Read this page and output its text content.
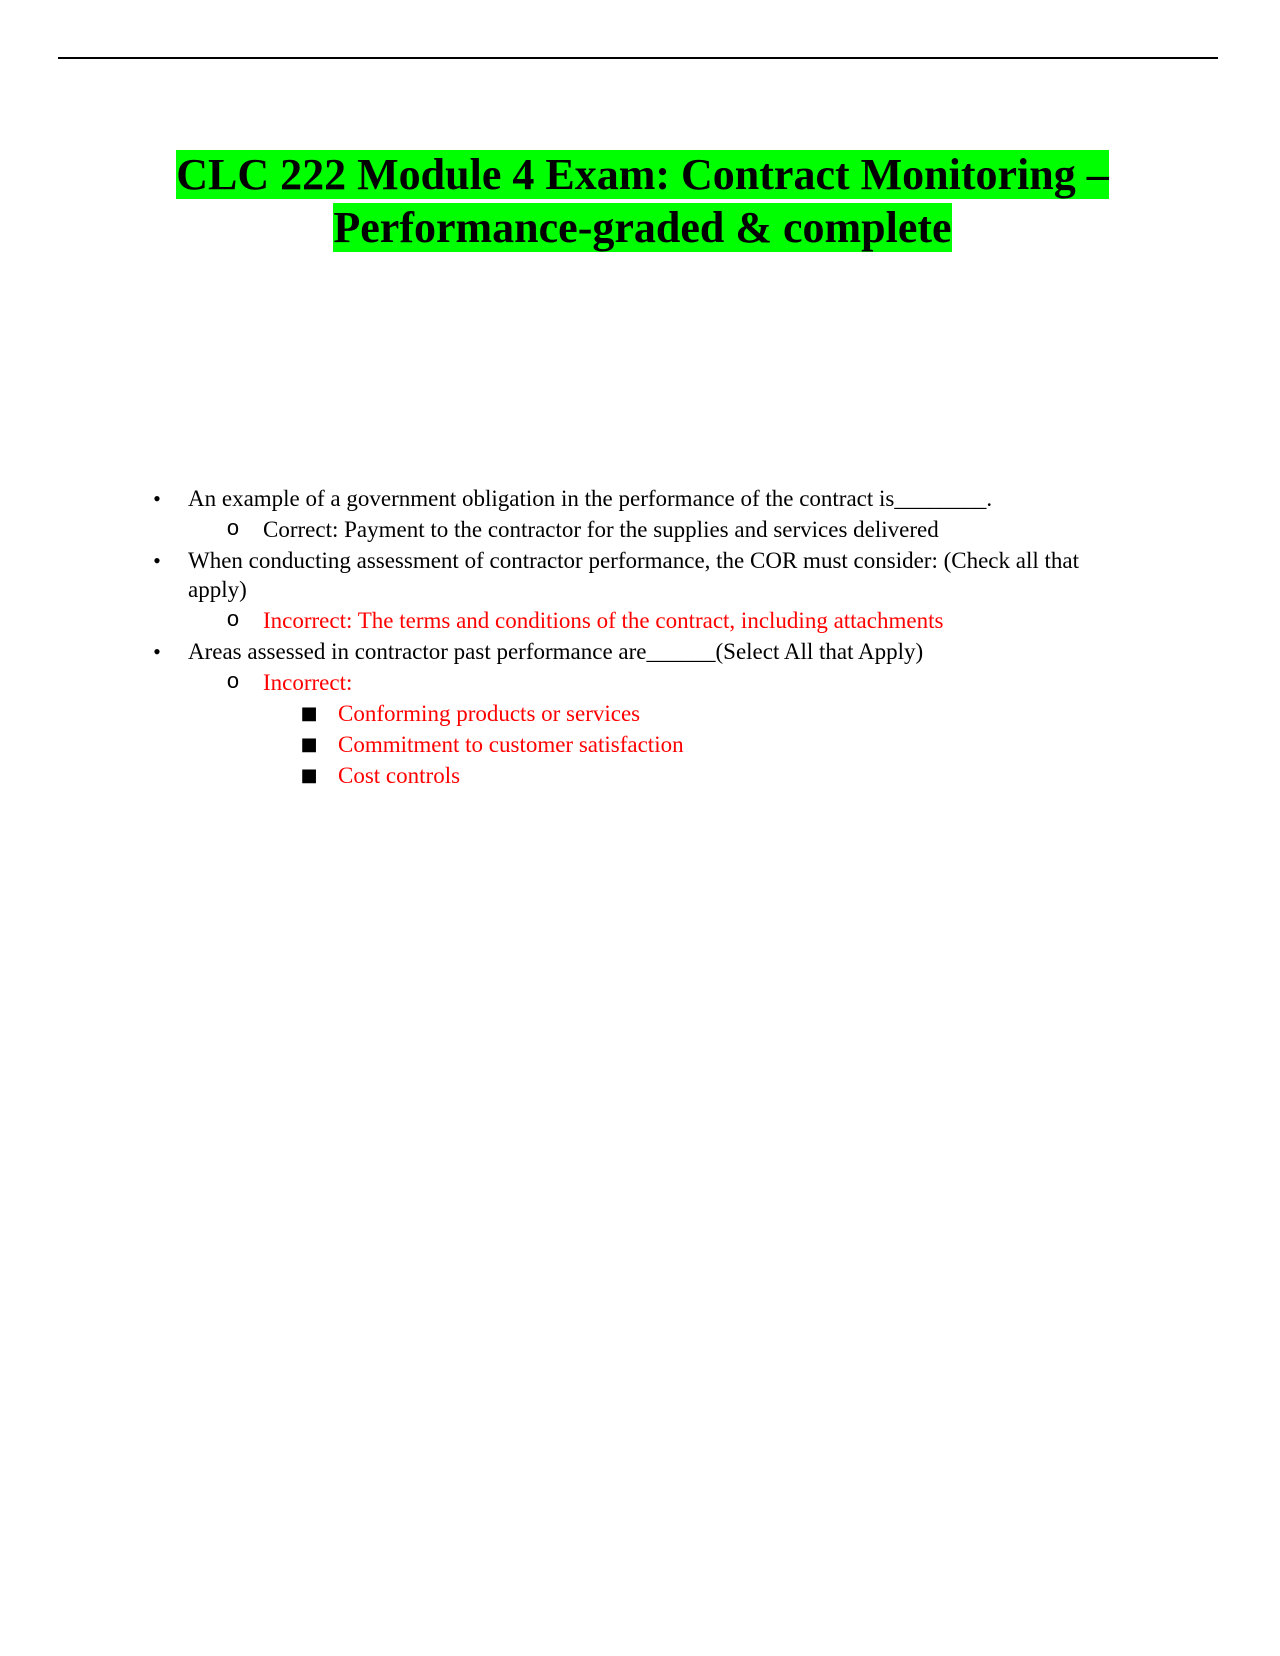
CLC 222 Module 4 Exam: Contract Monitoring –
Performance-graded & complete
•	An example of a government obligation in the performance of the contract is________.
o Correct: Payment to the contractor for the supplies and services delivered
•	When conducting assessment of contractor performance, the COR must consider: (Check all that apply)
o Incorrect: The terms and conditions of the contract, including attachments
•	Areas assessed in contractor past performance are______(Select All that Apply)
o Incorrect:
■ Conforming products or services
■ Commitment to customer satisfaction
■ Cost controls
